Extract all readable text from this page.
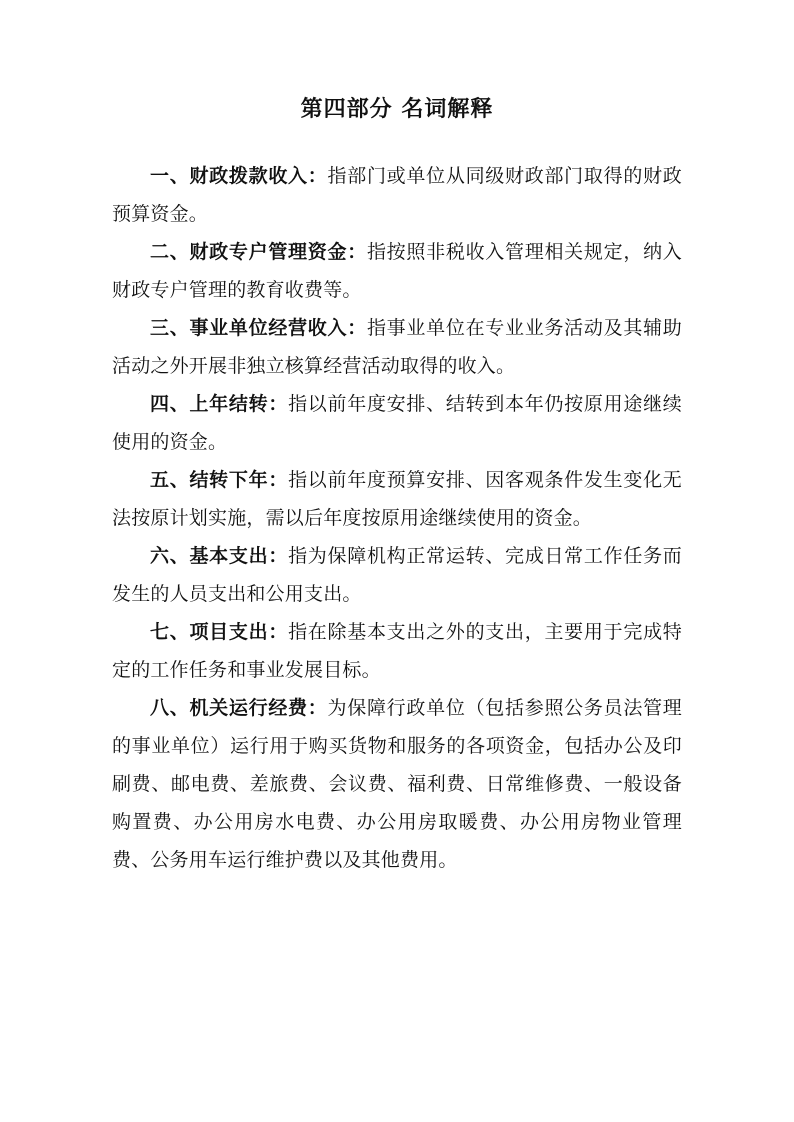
第四部分 名词解释

一、财政拨款收入：指部门或单位从同级财政部门取得的财政预算资金。

二、财政专户管理资金：指按照非税收入管理相关规定，纳入财政专户管理的教育收费等。

三、事业单位经营收入：指事业单位在专业业务活动及其辅助活动之外开展非独立核算经营活动取得的收入。

四、上年结转：指以前年度安排、结转到本年仍按原用途继续使用的资金。

五、结转下年：指以前年度预算安排、因客观条件发生变化无法按原计划实施，需以后年度按原用途继续使用的资金。

六、基本支出：指为保障机构正常运转、完成日常工作任务而发生的人员支出和公用支出。

七、项目支出：指在除基本支出之外的支出，主要用于完成特定的工作任务和事业发展目标。

八、机关运行经费：为保障行政单位（包括参照公务员法管理的事业单位）运行用于购买货物和服务的各项资金，包括办公及印刷费、邮电费、差旅费、会议费、福利费、日常维修费、一般设备购置费、办公用房水电费、办公用房取暖费、办公用房物业管理费、公务用车运行维护费以及其他费用。
